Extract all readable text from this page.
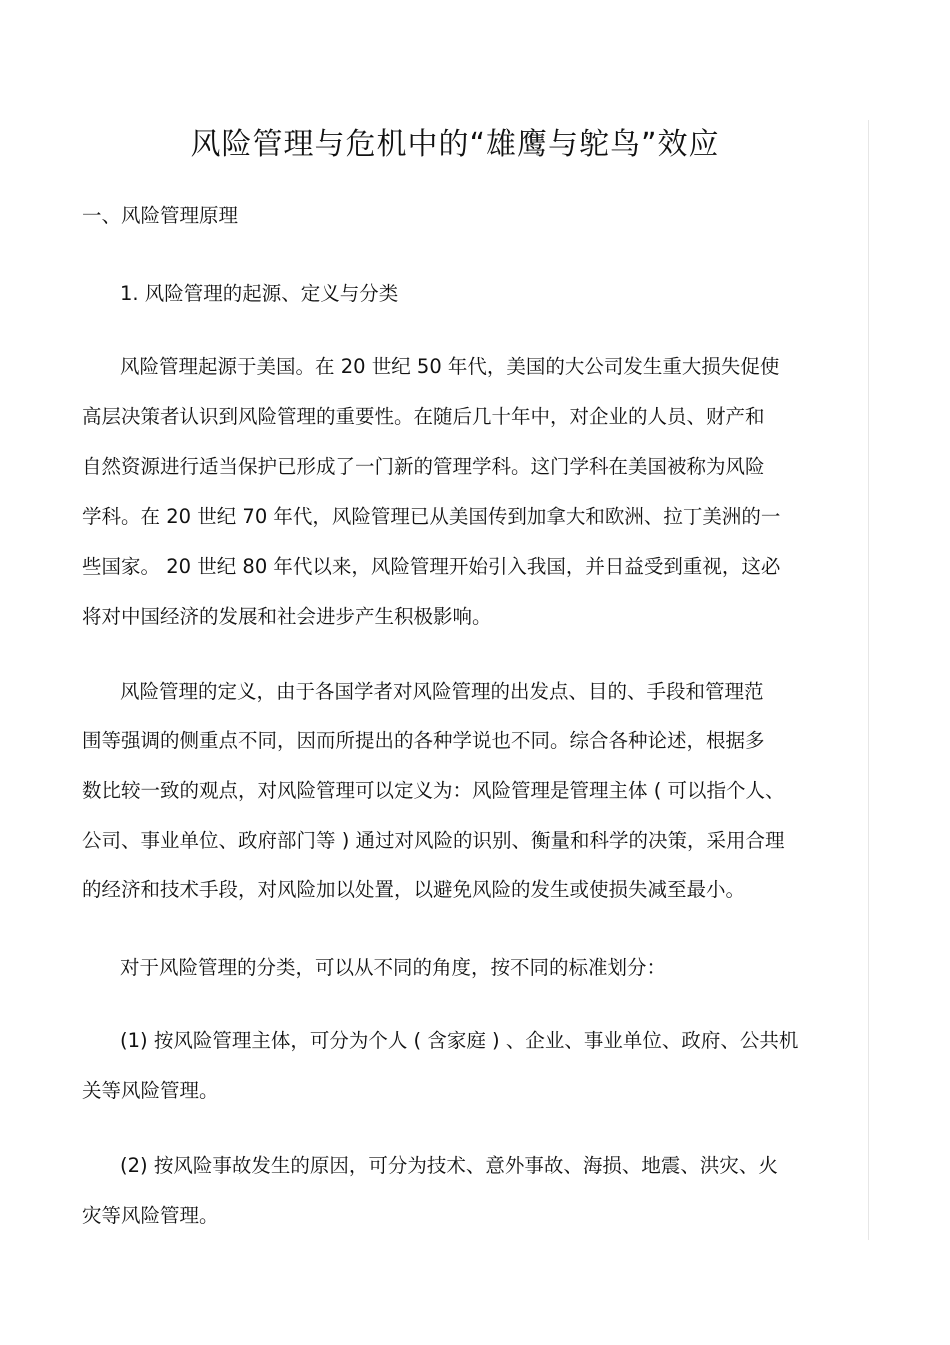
风险管理与危机中的“雄鹰与鸵鸟”效应
一、风险管理原理
1. 风险管理的起源、定义与分类
风险管理起源于美国。在 20 世纪 50 年代，美国的大公司发生重大损失促使
高层决策者认识到风险管理的重要性。在随后几十年中，对企业的人员、财产和
自然资源进行适当保护已形成了一门新的管理学科。这门学科在美国被称为风险
学科。在 20 世纪 70 年代，风险管理已从美国传到加拿大和欧洲、拉丁美洲的一
些国家。 20 世纪 80 年代以来，风险管理开始引入我国，并日益受到重视，这必
将对中国经济的发展和社会进步产生积极影响。
风险管理的定义，由于各国学者对风险管理的出发点、目的、手段和管理范
围等强调的侧重点不同，因而所提出的各种学说也不同。综合各种论述，根据多
数比较一致的观点，对风险管理可以定义为：风险管理是管理主体 ( 可以指个人、
公司、事业单位、政府部门等 ) 通过对风险的识别、衡量和科学的决策，采用合理
的经济和技术手段，对风险加以处置，以避免风险的发生或使损失减至最小。
对于风险管理的分类，可以从不同的角度，按不同的标准划分：
(1) 按风险管理主体，可分为个人 ( 含家庭 ) 、企业、事业单位、政府、公共机
关等风险管理。
(2) 按风险事故发生的原因，可分为技术、意外事故、海损、地震、洪灾、火
灾等风险管理。
